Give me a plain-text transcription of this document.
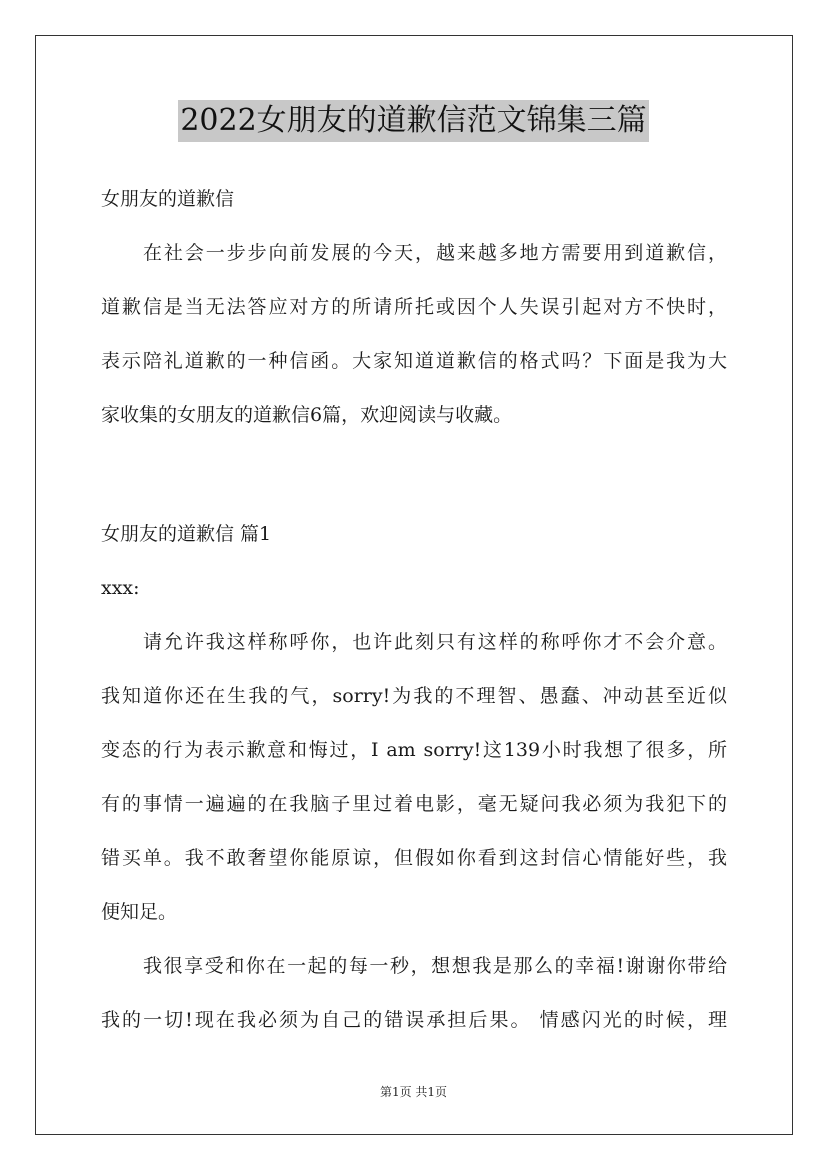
2022女朋友的道歉信范文锦集三篇
女朋友的道歉信
在社会一步步向前发展的今天，越来越多地方需要用到道歉信，
道歉信是当无法答应对方的所请所托或因个人失误引起对方不快时，
表示陪礼道歉的一种信函。大家知道道歉信的格式吗？下面是我为大
家收集的女朋友的道歉信6篇，欢迎阅读与收藏。
女朋友的道歉信 篇1
xxx:
请允许我这样称呼你，也许此刻只有这样的称呼你才不会介意。
我知道你还在生我的气，sorry!为我的不理智、愚蠢、冲动甚至近似
变态的行为表示歉意和悔过，I am sorry!这139小时我想了很多，所
有的事情一遍遍的在我脑子里过着电影，毫无疑问我必须为我犯下的
错买单。我不敢奢望你能原谅，但假如你看到这封信心情能好些，我
便知足。
我很享受和你在一起的每一秒，想想我是那么的幸福!谢谢你带给
我的一切!现在我必须为自己的错误承担后果。 情感闪光的时候，理
第1页 共1页
